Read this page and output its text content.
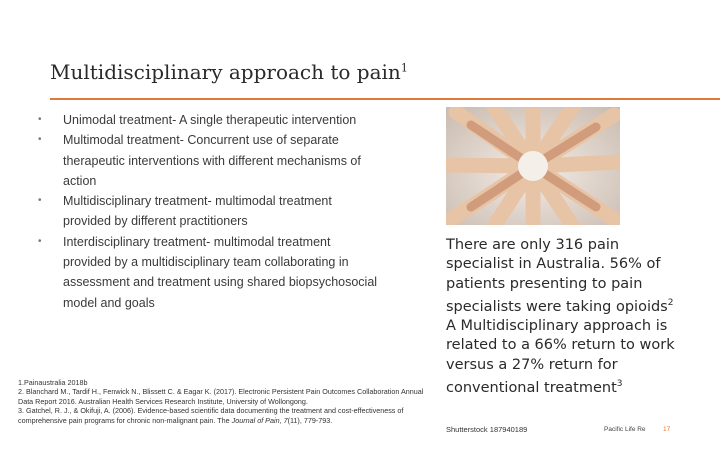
Multidisciplinary approach to pain$^1$
• Unimodal treatment- A single therapeutic intervention
• Multimodal treatment- Concurrent use of separate therapeutic interventions with different mechanisms of action
• Multidisciplinary treatment- multimodal treatment provided by different practitioners
• Interdisciplinary treatment- multimodal treatment provided by a multidisciplinary team collaborating in assessment and treatment using shared biopsychosocial model and goals
1.Painaustralia 2018b
2. Blanchard M., Tardif H., Fenwick N., Blissett C. & Eagar K. (2017). Electronic Persistent Pain Outcomes Collaboration Annual Data Report 2016. Australian Health Services Research Institute, University of Wollongong.
3. Gatchel, R. J., & Okifuji, A. (2006). Evidence-based scientific data documenting the treatment and cost-effectiveness of comprehensive pain programs for chronic non-malignant pain. The Journal of Pain, 7(11), 779-793.
There are only 316 pain specialist in Australia. 56% of patients presenting to pain specialists were taking opioids$^2$ A Multidisciplinary approach is related to a 66% return to work versus a 27% return for conventional treatment$^3$
Shutterstock 187940189	Pacific Life Re	17
